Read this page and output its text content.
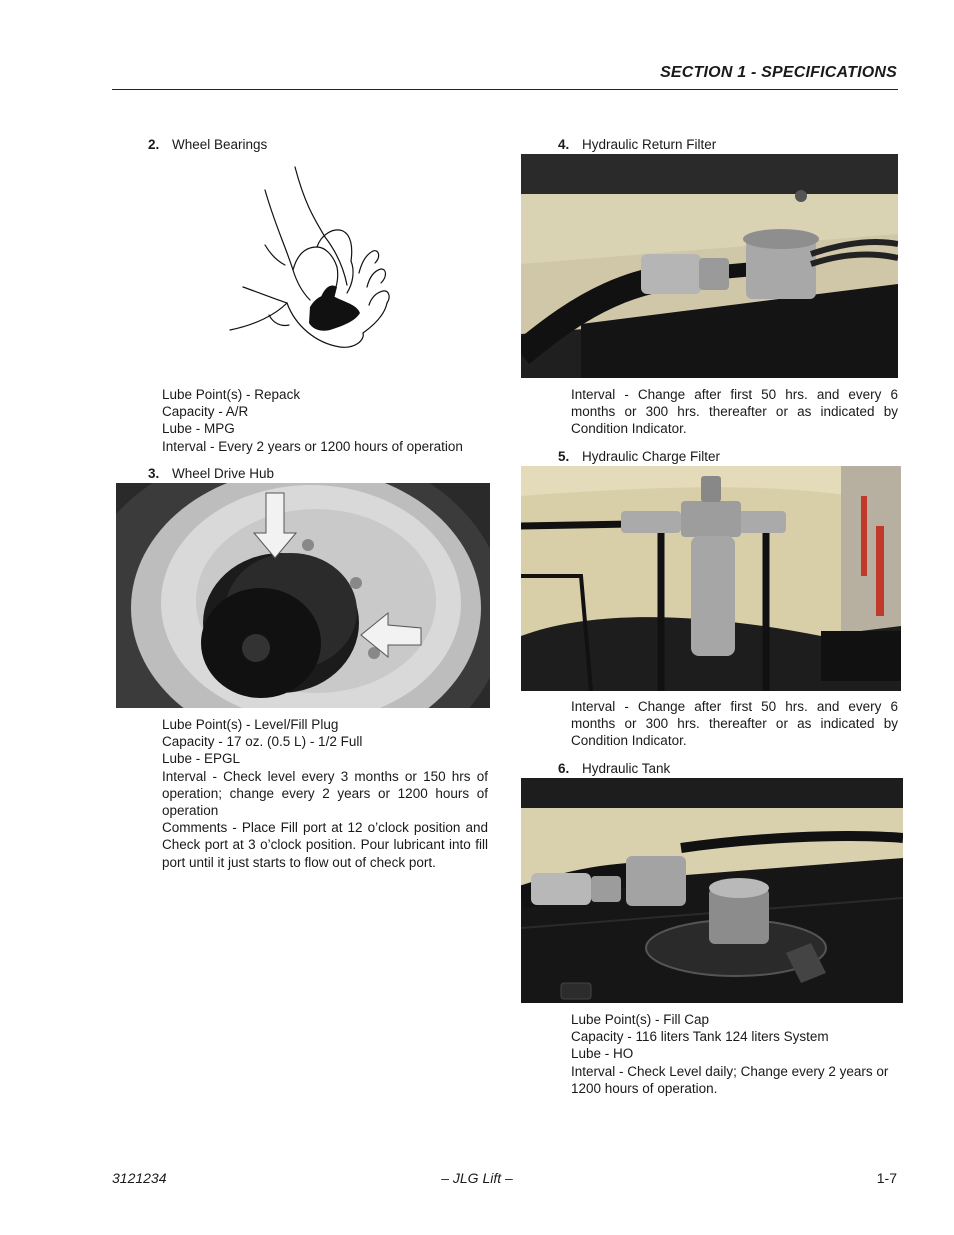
SECTION 1 - SPECIFICATIONS
2. Wheel Bearings

Lube Point(s) - Repack

Capacity - A/R

Lube - MPG

Interval - Every 2 years or 1200 hours of operation

3. Wheel Drive Hub

Lube Point(s) - Level/Fill Plug

Capacity - 17 oz. (0.5 L) - 1/2 Full

Lube - EPGL

Interval - Check level every 3 months or 150 hrs of operation; change every 2 years or 1200 hours of operation

Comments - Place Fill port at 12 o’clock position and Check port at 3 o’clock position. Pour lubricant into fill port until it just starts to flow out of check port.

4. Hydraulic Return Filter

Interval - Change after first 50 hrs. and every 6 months or 300 hrs. thereafter or as indicated by Condition Indicator.

5. Hydraulic Charge Filter

Interval - Change after first 50 hrs. and every 6 months or 300 hrs. thereafter or as indicated by Condition Indicator.

6. Hydraulic Tank

Lube Point(s) - Fill Cap

Capacity - 116 liters Tank 124 liters System

Lube - HO

Interval - Check Level daily; Change every 2 years or 1200 hours of operation.

3121234	– JLG Lift –	1-7
